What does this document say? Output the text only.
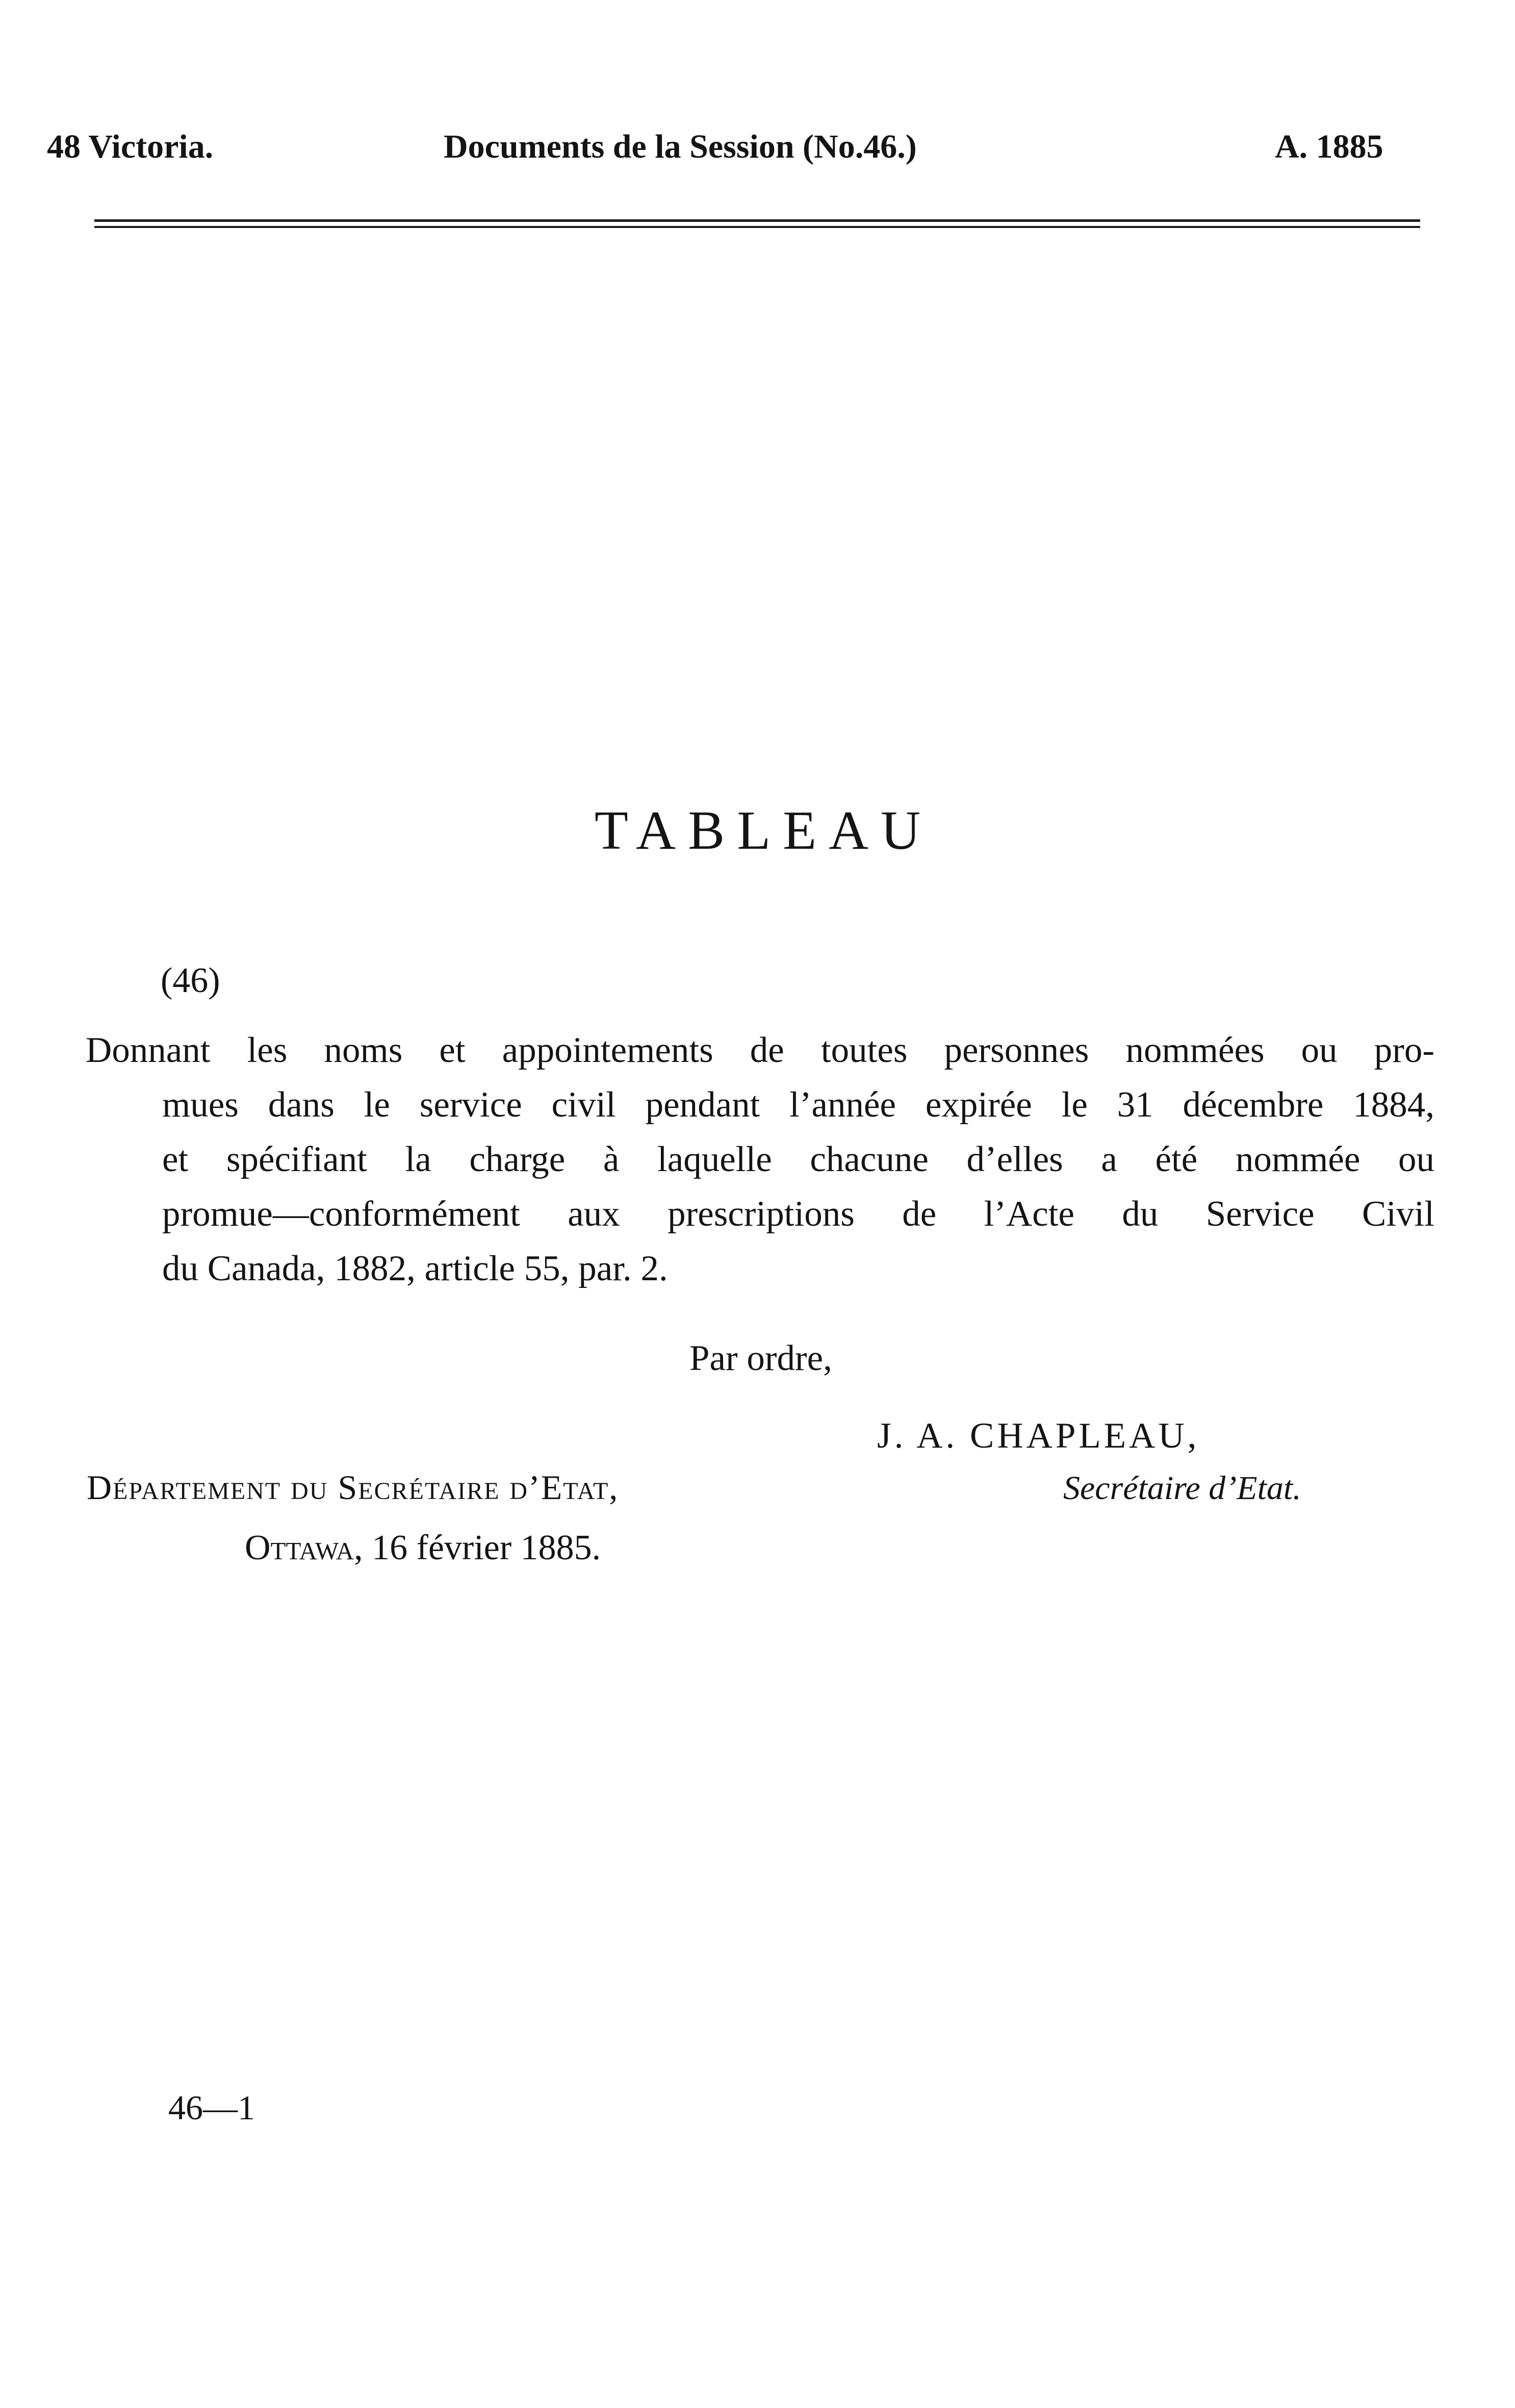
48 Victoria.	Documents de la Session (No.46.)	A. 1885
TABLEAU
(46)
Donnant les noms et appointements de toutes personnes nommées ou pro-
mues dans le service civil pendant l’année expirée le 31 décembre 1884,
et spécifiant la charge à laquelle chacune d’elles a été nommée ou
promue—conformément aux prescriptions de l’Acte du Service Civil
du Canada, 1882, article 55, par. 2.
Par ordre,
J. A. CHAPLEAU,
Secrétaire d’Etat.
Département du Secrétaire d’Etat,
Ottawa, 16 février 1885.
46—1
